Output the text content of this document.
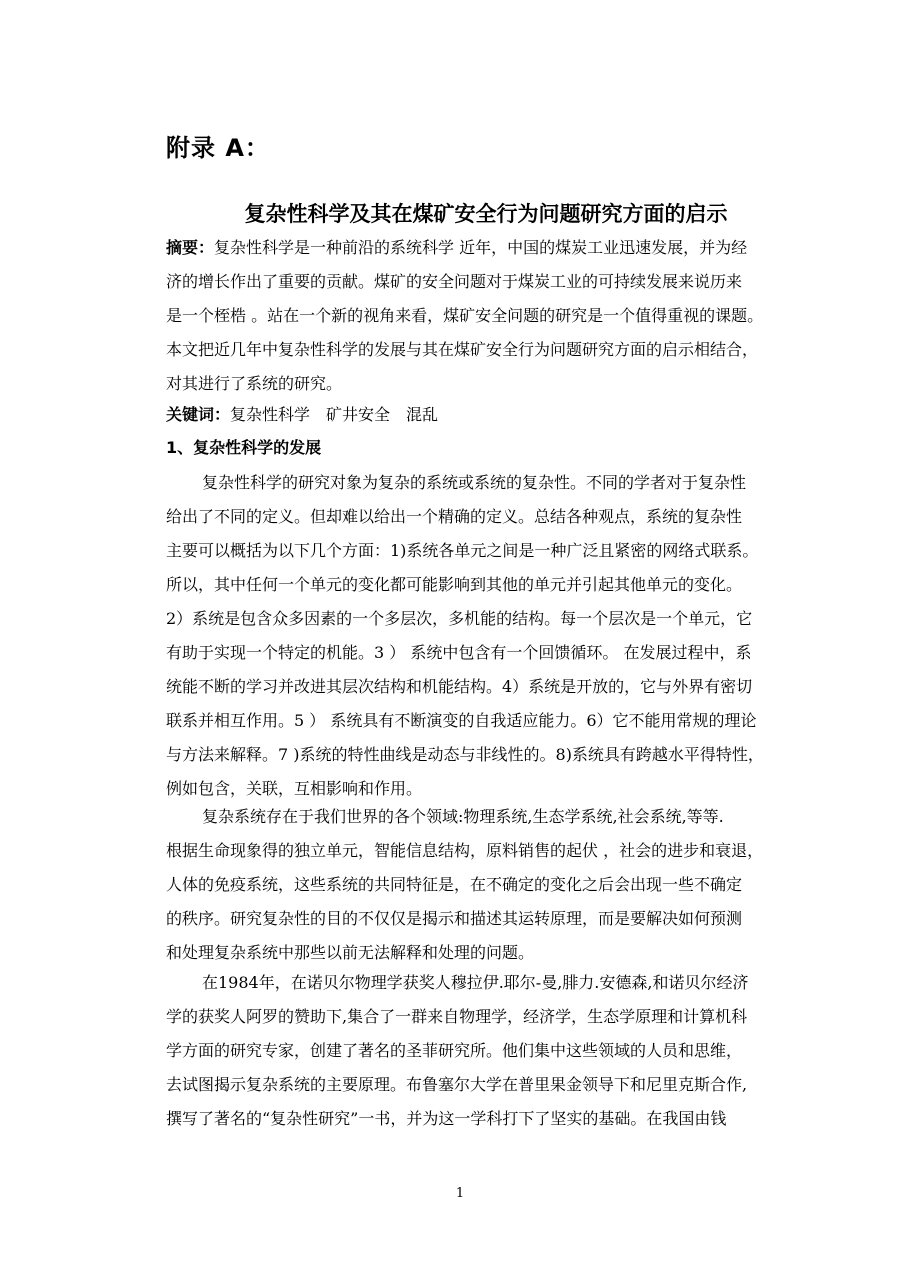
附录 A：
复杂性科学及其在煤矿安全行为问题研究方面的启示
摘要：复杂性科学是一种前沿的系统科学 近年，中国的煤炭工业迅速发展，并为经
济的增长作出了重要的贡献。煤矿的安全问题对于煤炭工业的可持续发展来说历来
是一个桎梏 。站在一个新的视角来看，煤矿安全问题的研究是一个值得重视的课题。
本文把近几年中复杂性科学的发展与其在煤矿安全行为问题研究方面的启示相结合，
对其进行了系统的研究。
关键词：复杂性科学　矿井安全　混乱
1、复杂性科学的发展
复杂性科学的研究对象为复杂的系统或系统的复杂性。不同的学者对于复杂性
给出了不同的定义。但却难以给出一个精确的定义。总结各种观点，系统的复杂性
主要可以概括为以下几个方面：1)系统各单元之间是一种广泛且紧密的网络式联系。
所以，其中任何一个单元的变化都可能影响到其他的单元并引起其他单元的变化。
2）系统是包含众多因素的一个多层次，多机能的结构。每一个层次是一个单元，它
有助于实现一个特定的机能。3 ） 系统中包含有一个回馈循环。 在发展过程中，系
统能不断的学习并改进其层次结构和机能结构。4）系统是开放的，它与外界有密切
联系并相互作用。5 ） 系统具有不断演变的自我适应能力。6）它不能用常规的理论
与方法来解释。7 )系统的特性曲线是动态与非线性的。8)系统具有跨越水平得特性，
例如包含，关联，互相影响和作用。
复杂系统存在于我们世界的各个领域:物理系统,生态学系统,社会系统,等等.
根据生命现象得的独立单元，智能信息结构，原料销售的起伏 ，社会的进步和衰退，
人体的免疫系统，这些系统的共同特征是，在不确定的变化之后会出现一些不确定
的秩序。研究复杂性的目的不仅仅是揭示和描述其运转原理，而是要解决如何预测
和处理复杂系统中那些以前无法解释和处理的问题。
在1984年，在诺贝尔物理学获奖人穆拉伊.耶尔-曼,腓力.安德森,和诺贝尔经济
学的获奖人阿罗的赞助下,集合了一群来自物理学，经济学，生态学原理和计算机科
学方面的研究专家，创建了著名的圣菲研究所。他们集中这些领域的人员和思维，
去试图揭示复杂系统的主要原理。布鲁塞尔大学在普里果金领导下和尼里克斯合作,
撰写了著名的“复杂性研究”一书，并为这一学科打下了坚实的基础。在我国由钱
1
